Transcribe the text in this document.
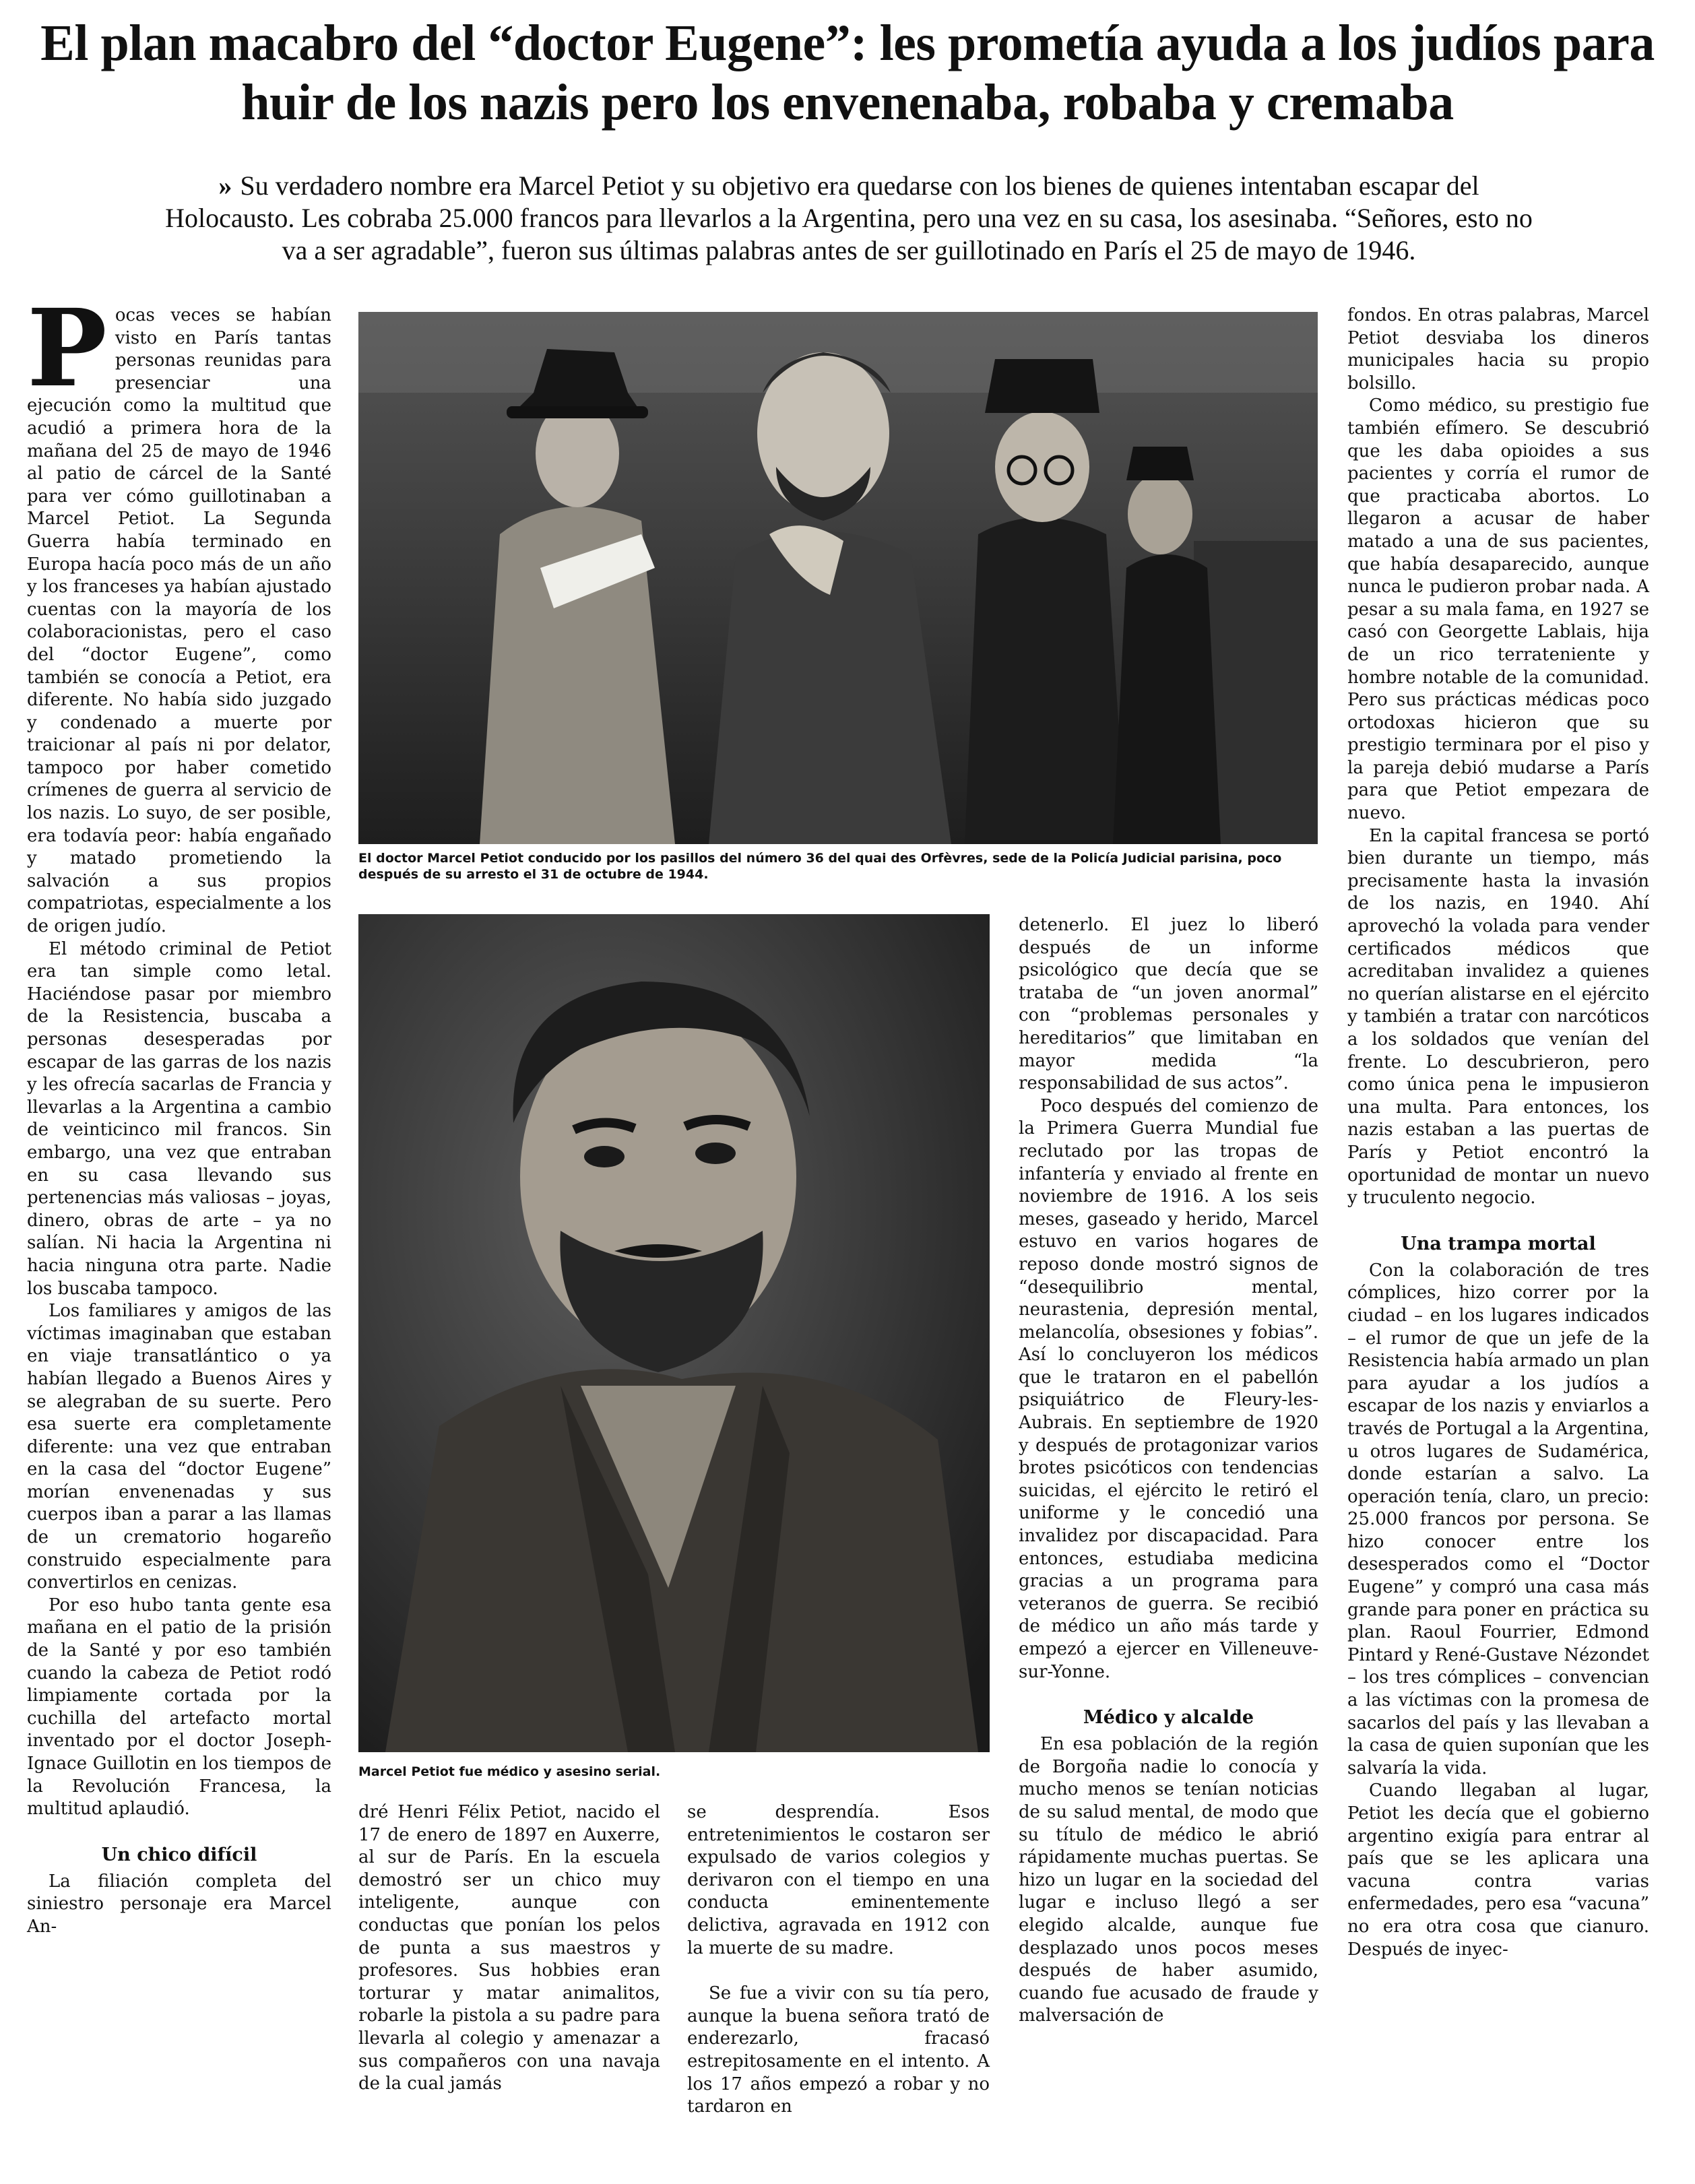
El plan macabro del “doctor Eugene”: les prometía ayuda a los judíos para huir de los nazis pero los envenenaba, robaba y cremaba

» Su verdadero nombre era Marcel Petiot y su objetivo era quedarse con los bienes de quienes intentaban escapar del Holocausto. Les cobraba 25.000 francos para llevarlos a la Argentina, pero una vez en su casa, los asesinaba. “Señores, esto no va a ser agradable”, fueron sus últimas palabras antes de ser guillotinado en París el 25 de mayo de 1946.

P ocas veces se habían visto en París tantas personas reunidas para presenciar una ejecución como la multitud que acudió a primera hora de la mañana del 25 de mayo de 1946 al patio de cárcel de la Santé para ver cómo guillotinaban a Marcel Petiot. La Segunda Guerra había terminado en Europa hacía poco más de un año y los franceses ya habían ajustado cuentas con la mayoría de los colaboracionistas, pero el caso del “doctor Eugene”, como también se conocía a Petiot, era diferente. No había sido juzgado y condenado a muerte por traicionar al país ni por delator, tampoco por haber cometido crímenes de guerra al servicio de los nazis. Lo suyo, de ser posible, era todavía peor: había engañado y matado prometiendo la salvación a sus propios compatriotas, especialmente a los de origen judío.

El método criminal de Petiot era tan simple como letal. Haciéndose pasar por miembro de la Resistencia, buscaba a personas desesperadas por escapar de las garras de los nazis y les ofrecía sacarlas de Francia y llevarlas a la Argentina a cambio de veinticinco mil francos. Sin embargo, una vez que entraban en su casa llevando sus pertenencias más valiosas – joyas, dinero, obras de arte – ya no salían. Ni hacia la Argentina ni hacia ninguna otra parte. Nadie los buscaba tampoco.

Los familiares y amigos de las víctimas imaginaban que estaban en viaje transatlántico o ya habían llegado a Buenos Aires y se alegraban de su suerte. Pero esa suerte era completamente diferente: una vez que entraban en la casa del “doctor Eugene” morían envenenadas y sus cuerpos iban a parar a las llamas de un crematorio hogareño construido especialmente para convertirlos en cenizas.

Por eso hubo tanta gente esa mañana en el patio de la prisión de la Santé y por eso también cuando la cabeza de Petiot rodó limpiamente cortada por la cuchilla del artefacto mortal inventado por el doctor Joseph-Ignace Guillotin en los tiempos de la Revolución Francesa, la multitud aplaudió.

Un chico difícil

La filiación completa del siniestro personaje era Marcel An-

El doctor Marcel Petiot conducido por los pasillos del número 36 del quai des Orfèvres, sede de la Policía Judicial parisina, poco después de su arresto el 31 de octubre de 1944.

Marcel Petiot fue médico y asesino serial.

dré Henri Félix Petiot, nacido el 17 de enero de 1897 en Auxerre, al sur de París. En la escuela demostró ser un chico muy inteligente, aunque con conductas que ponían los pelos de punta a sus maestros y profesores. Sus hobbies eran torturar y matar animalitos, robarle la pistola a su padre para llevarla al colegio y amenazar a sus compañeros con una navaja de la cual jamás

se desprendía. Esos entretenimientos le costaron ser expulsado de varios colegios y derivaron con el tiempo en una conducta eminentemente delictiva, agravada en 1912 con la muerte de su madre.

Se fue a vivir con su tía pero, aunque la buena señora trató de enderezarlo, fracasó estrepitosamente en el intento. A los 17 años empezó a robar y no tardaron en

detenerlo. El juez lo liberó después de un informe psicológico que decía que se trataba de “un joven anormal” con “problemas personales y hereditarios” que limitaban en mayor medida “la responsabilidad de sus actos”.

Poco después del comienzo de la Primera Guerra Mundial fue reclutado por las tropas de infantería y enviado al frente en noviembre de 1916. A los seis meses, gaseado y herido, Marcel estuvo en varios hogares de reposo donde mostró signos de “desequilibrio mental, neurastenia, depresión mental, melancolía, obsesiones y fobias”. Así lo concluyeron los médicos que le trataron en el pabellón psiquiátrico de Fleury-les-Aubrais. En septiembre de 1920 y después de protagonizar varios brotes psicóticos con tendencias suicidas, el ejército le retiró el uniforme y le concedió una invalidez por discapacidad. Para entonces, estudiaba medicina gracias a un programa para veteranos de guerra. Se recibió de médico un año más tarde y empezó a ejercer en Villeneuve-sur-Yonne.

Médico y alcalde

En esa población de la región de Borgoña nadie lo conocía y mucho menos se tenían noticias de su salud mental, de modo que su título de médico le abrió rápidamente muchas puertas. Se hizo un lugar en la sociedad del lugar e incluso llegó a ser elegido alcalde, aunque fue desplazado unos pocos meses después de haber asumido, cuando fue acusado de fraude y malversación de

fondos. En otras palabras, Marcel Petiot desviaba los dineros municipales hacia su propio bolsillo.

Como médico, su prestigio fue también efímero. Se descubrió que les daba opioides a sus pacientes y corría el rumor de que practicaba abortos. Lo llegaron a acusar de haber matado a una de sus pacientes, que había desaparecido, aunque nunca le pudieron probar nada. A pesar a su mala fama, en 1927 se casó con Georgette Lablais, hija de un rico terrateniente y hombre notable de la comunidad. Pero sus prácticas médicas poco ortodoxas hicieron que su prestigio terminara por el piso y la pareja debió mudarse a París para que Petiot empezara de nuevo.

En la capital francesa se portó bien durante un tiempo, más precisamente hasta la invasión de los nazis, en 1940. Ahí aprovechó la volada para vender certificados médicos que acreditaban invalidez a quienes no querían alistarse en el ejército y también a tratar con narcóticos a los soldados que venían del frente. Lo descubrieron, pero como única pena le impusieron una multa. Para entonces, los nazis estaban a las puertas de París y Petiot encontró la oportunidad de montar un nuevo y truculento negocio.

Una trampa mortal

Con la colaboración de tres cómplices, hizo correr por la ciudad – en los lugares indicados – el rumor de que un jefe de la Resistencia había armado un plan para ayudar a los judíos a escapar de los nazis y enviarlos a través de Portugal a la Argentina, u otros lugares de Sudamérica, donde estarían a salvo. La operación tenía, claro, un precio: 25.000 francos por persona. Se hizo conocer entre los desesperados como el “Doctor Eugene” y compró una casa más grande para poner en práctica su plan. Raoul Fourrier, Edmond Pintard y René-Gustave Nézondet – los tres cómplices – convencian a las víctimas con la promesa de sacarlos del país y las llevaban a la casa de quien suponían que les salvaría la vida.

Cuando llegaban al lugar, Petiot les decía que el gobierno argentino exigía para entrar al país que se les aplicara una vacuna contra varias enfermedades, pero esa “vacuna” no era otra cosa que cianuro. Después de inyec-
